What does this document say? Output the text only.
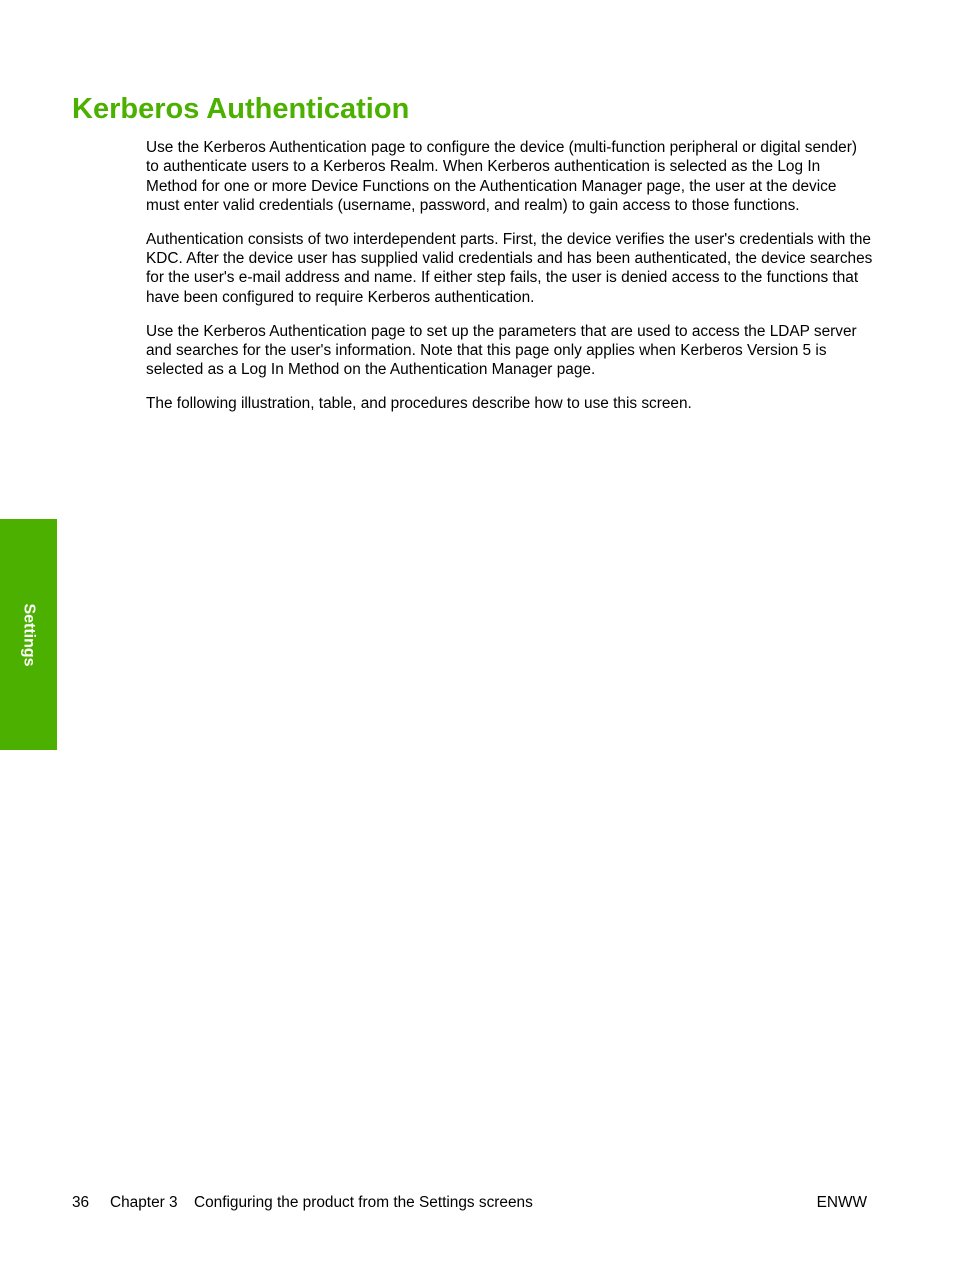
Kerberos Authentication

Use the Kerberos Authentication page to configure the device (multi-function peripheral or digital sender) to authenticate users to a Kerberos Realm. When Kerberos authentication is selected as the Log In Method for one or more Device Functions on the Authentication Manager page, the user at the device must enter valid credentials (username, password, and realm) to gain access to those functions.

Authentication consists of two interdependent parts. First, the device verifies the user's credentials with the KDC. After the device user has supplied valid credentials and has been authenticated, the device searches for the user's e-mail address and name. If either step fails, the user is denied access to the functions that have been configured to require Kerberos authentication.

Use the Kerberos Authentication page to set up the parameters that are used to access the LDAP server and searches for the user's information. Note that this page only applies when Kerberos Version 5 is selected as a Log In Method on the Authentication Manager page.

The following illustration, table, and procedures describe how to use this screen.

Settings
36 Chapter 3 Configuring the product from the Settings screens	ENWW
